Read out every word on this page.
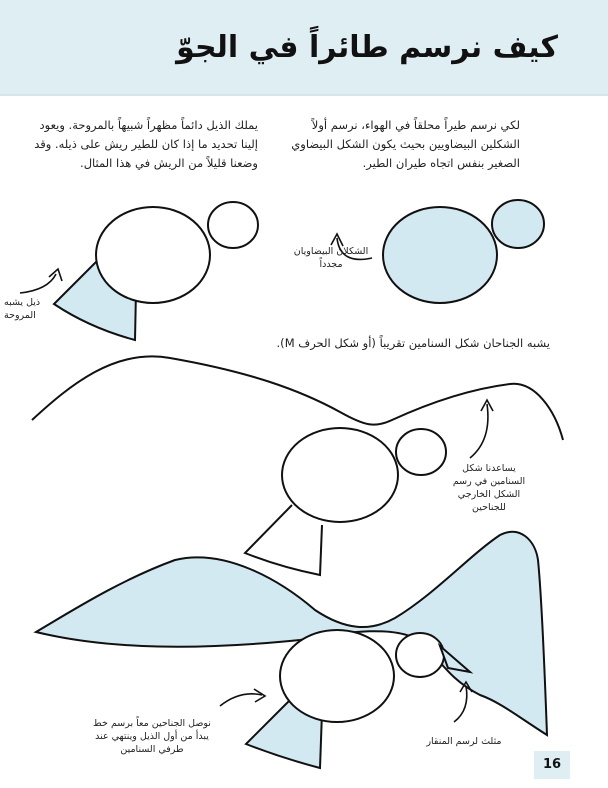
كيف نرسم طائراً في الجوّ
لكي نرسم طيراً محلقاً في الهواء، نرسم أولاً الشكلين البيضاويين بحيث يكون الشكل البيضاوي الصغير بنفس اتجاه طيران الطير.
يملك الذيل دائماً مظهراً شبيهاً بالمروحة. ويعود إلينا تحديد ما إذا كان للطير ريش على ذيله. وقد وضعنا قليلاً من الريش في هذا المثال.
يشبه الجناحان شكل السنامين تقريباً (أو شكل الحرف M).
الشكلان البيضاويان مجدداً
ذيل يشبه المروحة
يساعدنا شكل السنامين في رسم الشكل الخارجي للجناحين
نوصل الجناحين معاً برسم خط يبدأ من أول الذيل وينتهي عند طرفي السنامين
مثلث لرسم المنقار
16
